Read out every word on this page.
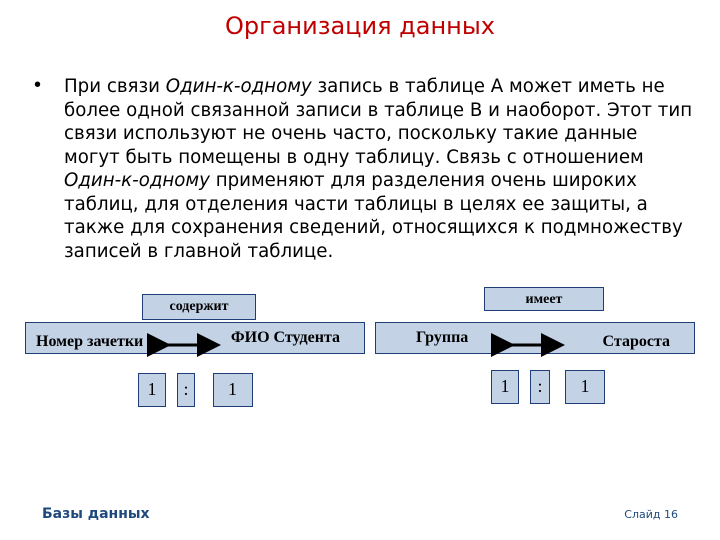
Организация данных
• При связи Один-к-одному запись в таблице А может иметь не более одной связанной записи в таблице В и наоборот. Этот тип связи используют не очень часто, поскольку такие данные могут быть помещены в одну таблицу. Связь с отношением Один-к-одному применяют для разделения очень широких таблиц, для отделения части таблицы в целях ее защиты, а также для сохранения сведений, относящихся к подмножеству записей в главной таблице.
содержит
Номер зачетки	ФИО Студента
1	:	1
имеет
Группа	Староста
1	:	1
Базы данных	Слайд 16
